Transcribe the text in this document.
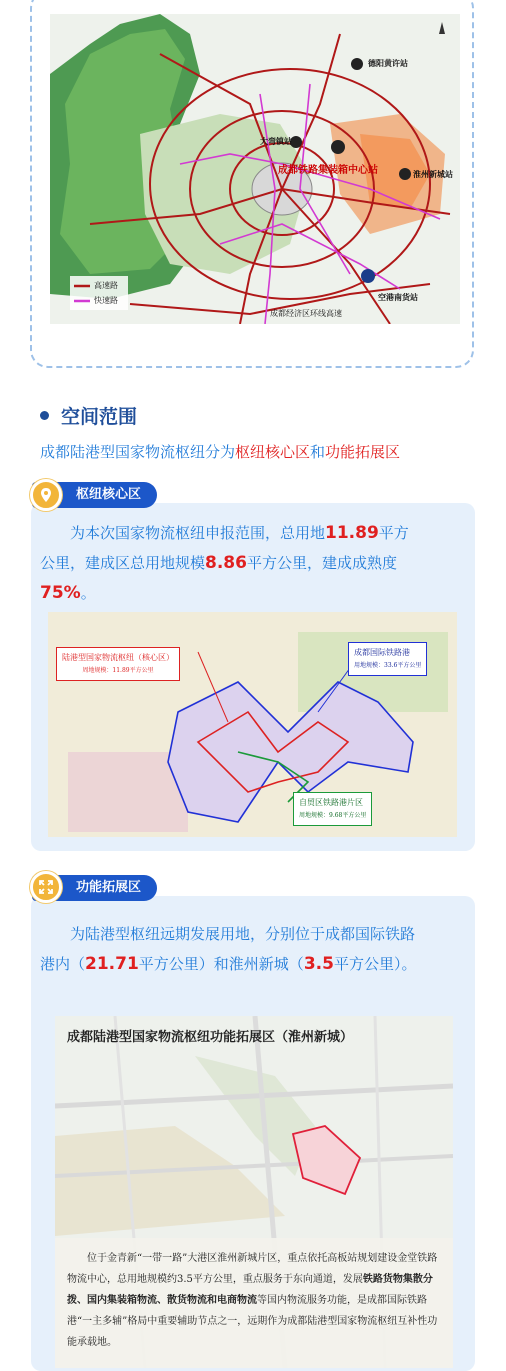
德阳黄许站
大弯镇站
成都铁路集装箱中心站	淮州新城站
空港南货站
成都经济区环线高速
高速路
快速路
空间范围
成都陆港型国家物流枢纽分为枢纽核心区和功能拓展区
枢纽核心区
为本次国家物流枢纽申报范围，总用地11.89平方公里，建成区总用地规模8.86平方公里，建成成熟度75%。
陆港型国家物流枢纽（核心区）
周地规模：11.89平方公里
成都国际铁路港
用地规模：33.6平方公里
自贸区铁路港片区
周地规模：9.68平方公里
功能拓展区
为陆港型枢纽远期发展用地，分别位于成都国际铁路港内（21.71平方公里）和淮州新城（3.5平方公里）。
成都陆港型国家物流枢纽功能拓展区（淮州新城）
位于金青新“一带一路”大港区淮州新城片区，重点依托高板站规划建设金堂铁路物流中心，总用地规模约3.5平方公里，重点服务于东向通道，发展铁路货物集散分拨、国内集装箱物流、散货物流和电商物流等国内物流服务功能，是成都国际铁路港“一主多辅”格局中重要辅助节点之一，远期作为成都陆港型国家物流枢纽互补性功能承载地。
